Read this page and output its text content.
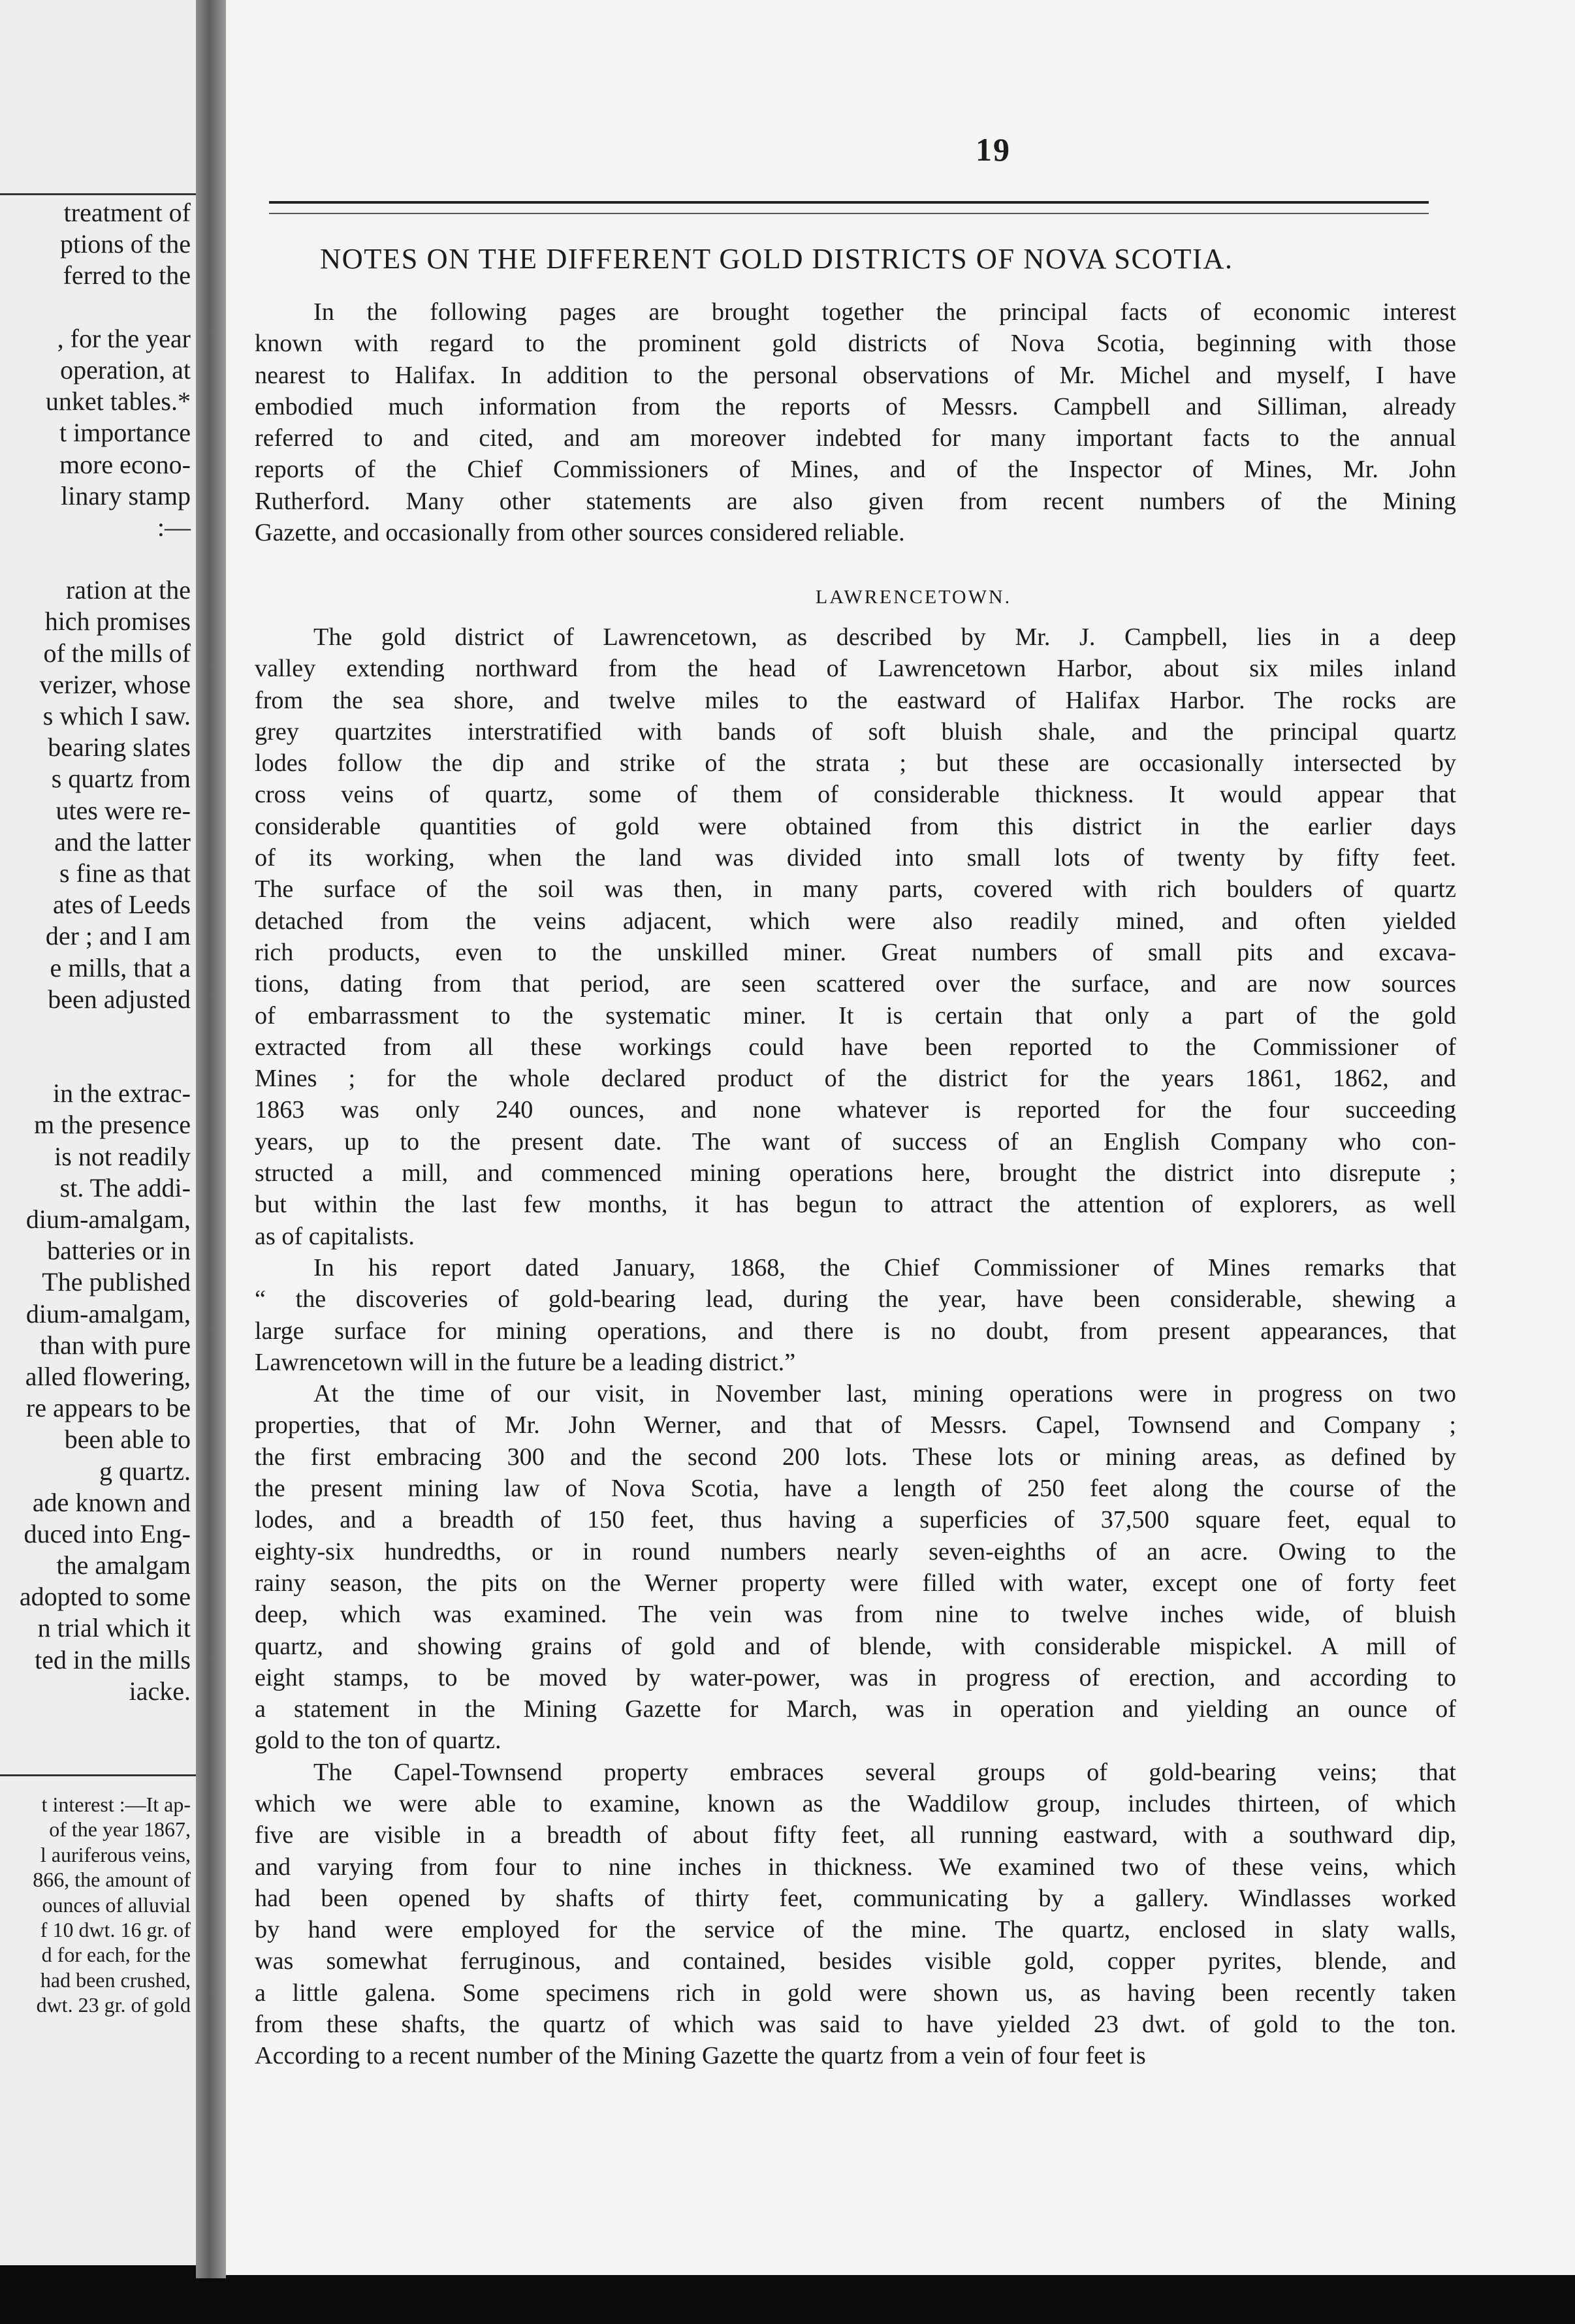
treatment of
ptions of the
ferred to the
, for the year
operation, at
unket tables.*
t importance
more econo-
linary stamp
:—
ration at the
hich promises
of the mills of
verizer, whose
s which I saw.
bearing slates
s quartz from
utes were re-
and the latter
s fine as that
ates of Leeds
der ; and I am
e mills, that a
been adjusted
in the extrac-
m the presence
is not readily
st. The addi-
dium-amalgam,
batteries or in
The published
dium-amalgam,
than with pure
alled flowering,
re appears to be
been able to
g quartz.
ade known and
duced into Eng-
the amalgam
adopted to some
n trial which it
ted in the mills
iacke.
t interest :—It ap-
of the year 1867,
l auriferous veins,
866, the amount of
ounces of alluvial
f 10 dwt. 16 gr. of
d for each, for the
had been crushed,
dwt. 23 gr. of gold
19
NOTES ON THE DIFFERENT GOLD DISTRICTS OF NOVA SCOTIA.
In the following pages are brought together the principal facts of economic interest
known with regard to the prominent gold districts of Nova Scotia, beginning with those
nearest to Halifax. In addition to the personal observations of Mr. Michel and myself, I have
embodied much information from the reports of Messrs. Campbell and Silliman, already
referred to and cited, and am moreover indebted for many important facts to the annual
reports of the Chief Commissioners of Mines, and of the Inspector of Mines, Mr. John
Rutherford. Many other statements are also given from recent numbers of the Mining
Gazette, and occasionally from other sources considered reliable.
LAWRENCETOWN.
The gold district of Lawrencetown, as described by Mr. J. Campbell, lies in a deep
valley extending northward from the head of Lawrencetown Harbor, about six miles inland
from the sea shore, and twelve miles to the eastward of Halifax Harbor. The rocks are
grey quartzites interstratified with bands of soft bluish shale, and the principal quartz
lodes follow the dip and strike of the strata ; but these are occasionally intersected by
cross veins of quartz, some of them of considerable thickness. It would appear that
considerable quantities of gold were obtained from this district in the earlier days
of its working, when the land was divided into small lots of twenty by fifty feet.
The surface of the soil was then, in many parts, covered with rich boulders of quartz
detached from the veins adjacent, which were also readily mined, and often yielded
rich products, even to the unskilled miner. Great numbers of small pits and excava-
tions, dating from that period, are seen scattered over the surface, and are now sources
of embarrassment to the systematic miner. It is certain that only a part of the gold
extracted from all these workings could have been reported to the Commissioner of
Mines ; for the whole declared product of the district for the years 1861, 1862, and
1863 was only 240 ounces, and none whatever is reported for the four succeeding
years, up to the present date. The want of success of an English Company who con-
structed a mill, and commenced mining operations here, brought the district into disrepute ;
but within the last few months, it has begun to attract the attention of explorers, as well
as of capitalists.
In his report dated January, 1868, the Chief Commissioner of Mines remarks that
“ the discoveries of gold-bearing lead, during the year, have been considerable, shewing a
large surface for mining operations, and there is no doubt, from present appearances, that
Lawrencetown will in the future be a leading district.”
At the time of our visit, in November last, mining operations were in progress on two
properties, that of Mr. John Werner, and that of Messrs. Capel, Townsend and Company ;
the first embracing 300 and the second 200 lots. These lots or mining areas, as defined by
the present mining law of Nova Scotia, have a length of 250 feet along the course of the
lodes, and a breadth of 150 feet, thus having a superficies of 37,500 square feet, equal to
eighty-six hundredths, or in round numbers nearly seven-eighths of an acre. Owing to the
rainy season, the pits on the Werner property were filled with water, except one of forty feet
deep, which was examined. The vein was from nine to twelve inches wide, of bluish
quartz, and showing grains of gold and of blende, with considerable mispickel. A mill of
eight stamps, to be moved by water-power, was in progress of erection, and according to
a statement in the Mining Gazette for March, was in operation and yielding an ounce of
gold to the ton of quartz.
The Capel-Townsend property embraces several groups of gold-bearing veins; that
which we were able to examine, known as the Waddilow group, includes thirteen, of which
five are visible in a breadth of about fifty feet, all running eastward, with a southward dip,
and varying from four to nine inches in thickness. We examined two of these veins, which
had been opened by shafts of thirty feet, communicating by a gallery. Windlasses worked
by hand were employed for the service of the mine. The quartz, enclosed in slaty walls,
was somewhat ferruginous, and contained, besides visible gold, copper pyrites, blende, and
a little galena. Some specimens rich in gold were shown us, as having been recently taken
from these shafts, the quartz of which was said to have yielded 23 dwt. of gold to the ton.
According to a recent number of the Mining Gazette the quartz from a vein of four feet is
